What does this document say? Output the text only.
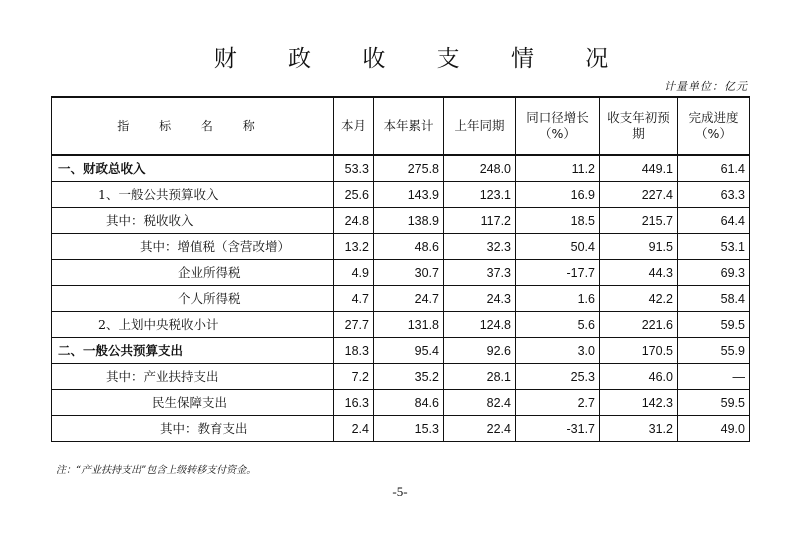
财 政 收 支 情 况
计量单位：亿元
指 标 名 称	本月	本年累计	上年同期	同口径增长（%）	收支年初预期	完成进度（%）
一、财政总收入	53.3	275.8	248.0	11.2	449.1	61.4
1、一般公共预算收入	25.6	143.9	123.1	16.9	227.4	63.3
其中：税收收入	24.8	138.9	117.2	18.5	215.7	64.4
其中：增值税（含营改增）	13.2	48.6	32.3	50.4	91.5	53.1
企业所得税	4.9	30.7	37.3	-17.7	44.3	69.3
个人所得税	4.7	24.7	24.3	1.6	42.2	58.4
2、上划中央税收小计	27.7	131.8	124.8	5.6	221.6	59.5
二、一般公共预算支出	18.3	95.4	92.6	3.0	170.5	55.9
其中：产业扶持支出	7.2	35.2	28.1	25.3	46.0	—
民生保障支出	16.3	84.6	82.4	2.7	142.3	59.5
其中：教育支出	2.4	15.3	22.4	-31.7	31.2	49.0
注：“产业扶持支出”包含上级转移支付资金。
-5-
